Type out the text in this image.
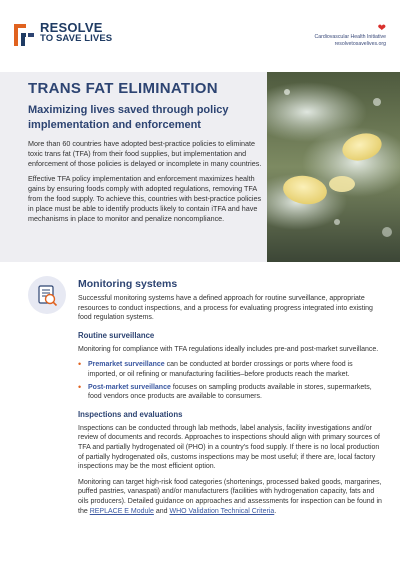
RESOLVE
TO SAVE LIVES
❤
Cardiovascular Health Initiative
resolvetosavelives.org
TRANS FAT ELIMINATION
Maximizing lives saved through policy implementation and enforcement

More than 60 countries have adopted best-practice policies to eliminate toxic trans fat (TFA) from their food supplies, but implementation and enforcement of those policies is delayed or incomplete in many countries.

Effective TFA policy implementation and enforcement maximizes health gains by ensuring foods comply with adopted regulations, removing TFA from the food supply. To achieve this, countries with best-practice policies in place must be able to identify products likely to contain iTFA and have mechanisms in place to monitor and penalize noncompliance.

Monitoring systems

Successful monitoring systems have a defined approach for routine surveillance, appropriate resources to conduct inspections, and a process for evaluating progress integrated into existing food regulation systems.

Routine surveillance

Monitoring for compliance with TFA regulations ideally includes pre-and post-market surveillance.

• Premarket surveillance can be conducted at border crossings or ports where food is imported, or oil refining or manufacturing facilities–before products reach the market.
• Post-market surveillance focuses on sampling products available in stores, supermarkets, food vendors once products are available to consumers.
Inspections and evaluations

Inspections can be conducted through lab methods, label analysis, facility investigations and/or review of documents and records. Approaches to inspections should align with primary sources of TFA and partially hydrogenated oil (PHO) in a country’s food supply. If there is no local production of partially hydrogenated oils, customs inspections may be most useful; if there are, local factory inspections may be the most efficient option.

Monitoring can target high-risk food categories (shortenings, processed baked goods, margarines, puffed pastries, vanaspati) and/or manufacturers (facilities with hydrogenation capacity, fats and oils producers). Detailed guidance on approaches and assessments for inspection can be found in the REPLACE E Module and WHO Validation Technical Criteria.
